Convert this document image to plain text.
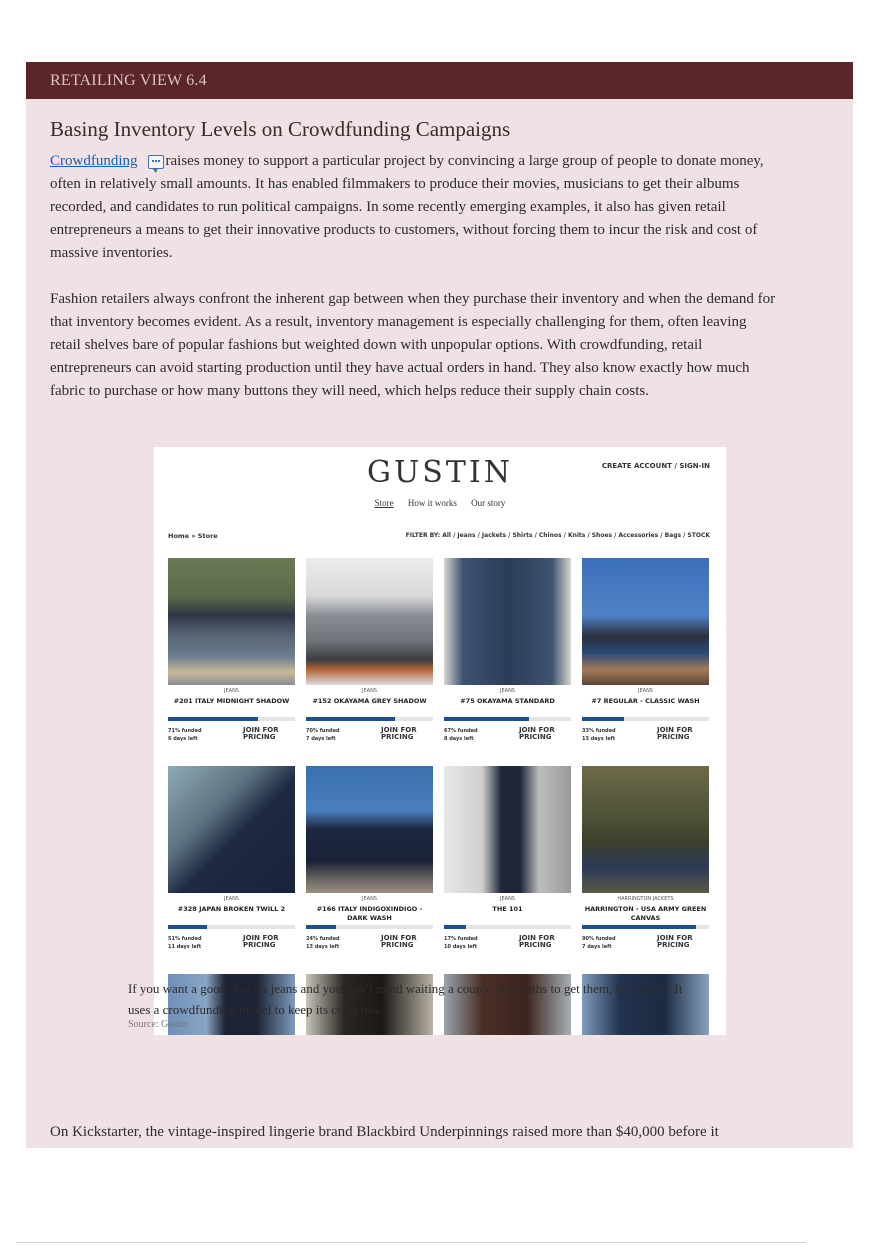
RETAILING VIEW 6.4
Basing Inventory Levels on Crowdfunding Campaigns

Crowdfunding raises money to support a particular project by convincing a large group of people to donate money, often in relatively small amounts. It has enabled filmmakers to produce their movies, musicians to get their albums recorded, and candidates to run political campaigns. In some recently emerging examples, it also has given retail entrepreneurs a means to get their innovative products to customers, without forcing them to incur the risk and cost of massive inventories.

Fashion retailers always confront the inherent gap between when they purchase their inventory and when the demand for that inventory becomes evident. As a result, inventory management is especially challenging for them, often leaving retail shelves bare of popular fashions but weighted down with unpopular options. With crowdfunding, retail entrepreneurs can avoid starting production until they have actual orders in hand. They also know exactly how much fabric to purchase or how many buttons they will need, which helps reduce their supply chain costs.

GUSTIN	CREATE ACCOUNT / SIGN-IN
Store How it works Our story
Home » Store	FILTER BY: All / Jeans / Jackets / Shirts / Chinos / Knits / Shoes / Accessories / Bags / STOCK
JEANS
#201 ITALY MIDNIGHT SHADOW
71% funded
6 days left
JOIN FOR PRICING
JEANS
#152 OKAYAMA GREY SHADOW
70% funded
7 days left
JOIN FOR PRICING
JEANS
#75 OKAYAMA STANDARD
67% funded
8 days left
JOIN FOR PRICING
JEANS
#7 REGULAR - CLASSIC WASH
33% funded
13 days left
JOIN FOR PRICING
JEANS
#328 JAPAN BROKEN TWILL 2
51% funded
11 days left
JOIN FOR PRICING
JEANS
#166 ITALY INDIGOXINDIGO - DARK WASH
24% funded
13 days left
JOIN FOR PRICING
JEANS
THE 101
17% funded
10 days left
JOIN FOR PRICING
HARRINGTON JACKETS
HARRINGTON - USA ARMY GREEN CANVAS
90% funded
7 days left
JOIN FOR PRICING

On Kickstarter, the vintage-inspired lingerie brand Blackbird Underpinnings raised more than $40,000 before it

If you want a good deal on jeans and you don’t mind waiting a couple of months to get them, try Gustin. It uses a crowdfunding model to keep its costs low.
Source: Gustin
